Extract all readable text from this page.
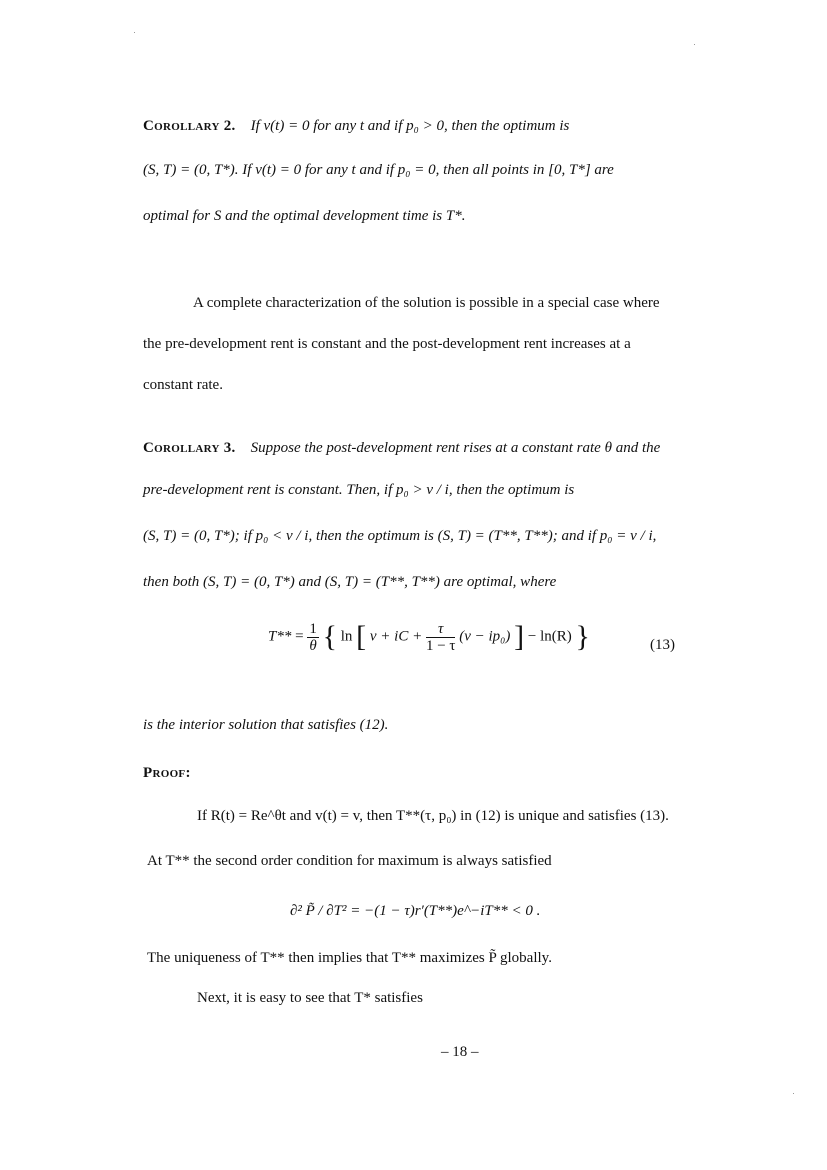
Corollary 2. If v(t) = 0 for any t and if p₀ > 0, then the optimum is
(S, T) = (0, T*). If v(t) = 0 for any t and if p₀ = 0, then all points in [0, T*] are
optimal for S and the optimal development time is T*.
A complete characterization of the solution is possible in a special case where
the pre-development rent is constant and the post-development rent increases at a
constant rate.
Corollary 3. Suppose the post-development rent rises at a constant rate θ and the
pre-development rent is constant. Then, if p₀ > v / i, then the optimum is
(S, T) = (0, T*); if p₀ < v / i, then the optimum is (S, T) = (T**, T**); and if p₀ = v / i,
then both (S, T) = (0, T*) and (S, T) = (T**, T**) are optimal, where
$T** = \frac{1}{\theta}$ { ln [ v + iC + $\frac{\tau}{1 - \tau} (v - ip_0)$ ] − ln(R) }	(13)
is the interior solution that satisfies (12).
Proof:
If R(t) = Re^θt and v(t) = v, then T**(τ, p₀) in (12) is unique and satisfies (13).
At T** the second order condition for maximum is always satisfied
∂² P̃ / ∂T² = −(1 − τ)r′(T**)e^−iT** < 0 .
The uniqueness of T** then implies that T** maximizes P̃ globally.
Next, it is easy to see that T* satisfies
– 18 –
